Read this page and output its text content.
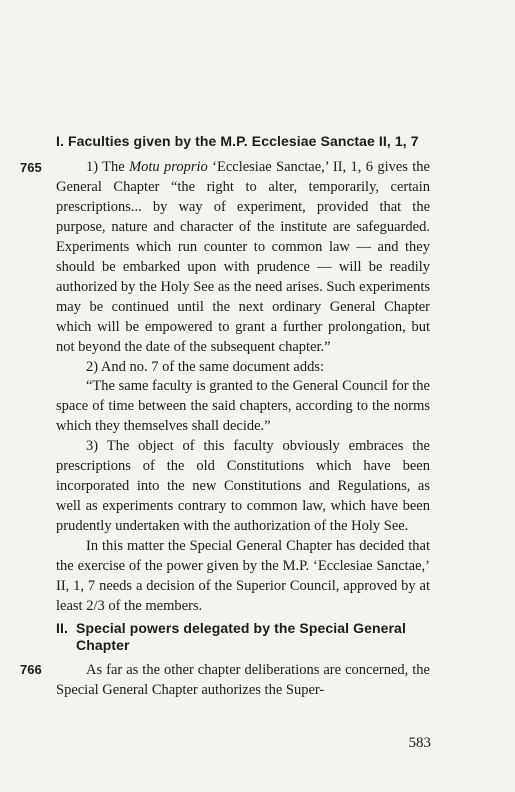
I. Faculties given by the M.P. Ecclesiae Sanctae II, 1, 7
765	1) The Motu proprio ‘Ecclesiae Sanctae,’ II, 1, 6 gives the General Chapter “the right to alter, temporarily, certain prescriptions... by way of experiment, provided that the purpose, nature and character of the institute are safeguarded. Experiments which run counter to common law — and they should be embarked upon with prudence — will be readily authorized by the Holy See as the need arises. Such experiments may be continued until the next ordinary General Chapter which will be empowered to grant a further prolongation, but not beyond the date of the subsequent chapter.”

2) And no. 7 of the same document adds:

“The same faculty is granted to the General Council for the space of time between the said chapters, according to the norms which they themselves shall decide.”

3) The object of this faculty obviously embraces the prescriptions of the old Constitutions which have been incorporated into the new Constitutions and Regulations, as well as experiments contrary to common law, which have been prudently undertaken with the authorization of the Holy See.

In this matter the Special General Chapter has decided that the exercise of the power given by the M.P. ‘Ecclesiae Sanctae,’ II, 1, 7 needs a decision of the Superior Council, approved by at least 2/3 of the members.

II. Special powers delegated by the Special General
Chapter
766	As far as the other chapter deliberations are concerned, the Special General Chapter authorizes the Super-

583
